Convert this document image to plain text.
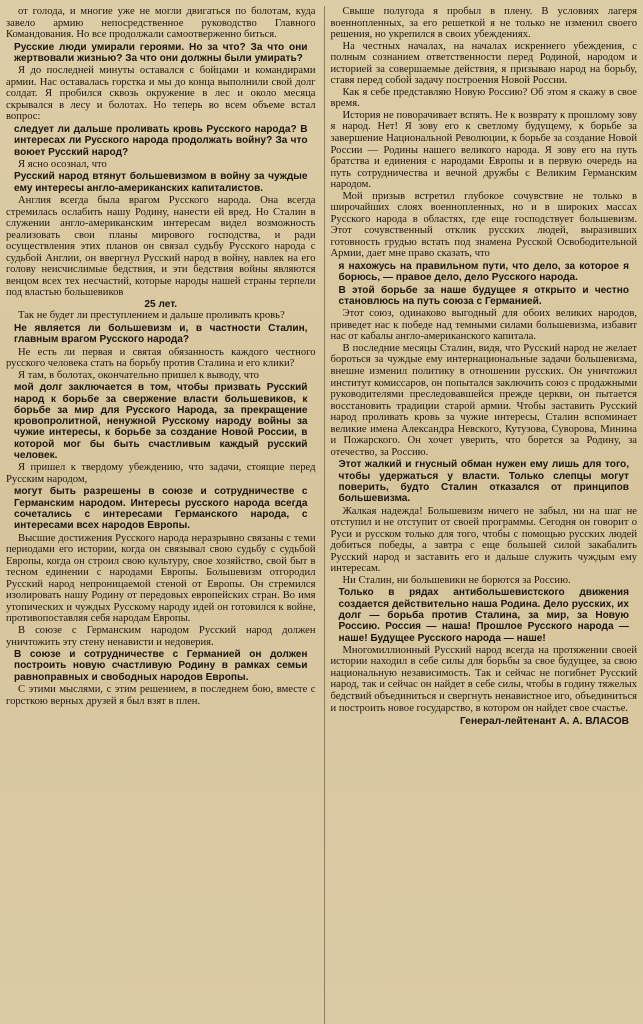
от голода, и многие уже не могли двигаться по болотам, куда завело армию непосредственное руководство Главного Командования. Но все продолжали самоотверженно биться.

Русские люди умирали героями. Но за что? За что они жертвовали жизнью? За что они должны были умирать?

Я до последней минуты оставался с бойцами и командирами армии. Нас оставалась горстка и мы до конца выполнили свой долг солдат. Я пробился сквозь окружение в лес и около месяца скрывался в лесу и болотах. Но теперь во всем объеме встал вопрос:

следует ли дальше проливать кровь Русского народа? В интересах ли Русского народа продолжать войну? За что воюет Русский народ?

Я ясно осознал, что

Русский народ втянут большевизмом в войну за чуждые ему интересы англо-американских капиталистов.

Англия всегда была врагом Русского народа. Она всегда стремилась ослабить нашу Родину, нанести ей вред. Но Сталин в служении англо-американским интересам видел возможность реализовать свои планы мирового господства, и ради осуществления этих планов он связал судьбу Русского народа с судьбой Англии, он ввергнул Русский народ в войну, навлек на его голову неисчислимые бедствия, и эти бедствия войны являются венцом всех тех несчастий, которые народы нашей страны терпели под властью большевиков

25 лет.

Так не будет ли преступлением и дальше проливать кровь?

Не является ли большевизм и, в частности Сталин, главным врагом Русского народа?

Не есть ли первая и святая обязанность каждого честного русского человека стать на борьбу против Сталина и его клики?

Я там, в болотах, окончательно пришел к выводу, что

мой долг заключается в том, чтобы призвать Русский народ к борьбе за свержение власти большевиков, к борьбе за мир для Русского Народа, за прекращение кровопролитной, ненужной Русскому народу войны за чужие интересы, к борьбе за создание Новой России, в которой мог бы быть счастливым каждый русский человек.

Я пришел к твердому убеждению, что задачи, стоящие перед Русским народом,

могут быть разрешены в союзе и сотрудничестве с Германским народом. Интересы русского народа всегда сочетались с интересами Германского народа, с интересами всех народов Европы.

Высшие достижения Русского народа неразрывно связаны с теми периодами его истории, когда он связывал свою судьбу с судьбой Европы, когда он строил свою культуру, свое хозяйство, свой быт в тесном единении с народами Европы. Большевизм отгородил Русский народ непроницаемой стеной от Европы. Он стремился изолировать нашу Родину от передовых европейских стран. Во имя утопических и чуждых Русскому народу идей он готовился к войне, противопоставляя себя народам Европы.

В союзе с Германским народом Русский народ должен уничтожить эту стену ненависти и недоверия.

В союзе и сотрудничестве с Германией он должен построить новую счастливую Родину в рамках семьи равноправных и свободных народов Европы.

С этими мыслями, с этим решением, в последнем бою, вместе с горсткою верных друзей я был взят в плен.

Свыше полугода я пробыл в плену. В условиях лагеря военнопленных, за его решеткой я не только не изменил своего решения, но укрепился в своих убеждениях.

На честных началах, на началах искреннего убеждения, с полным сознанием ответственности перед Родиной, народом и историей за совершаемые действия, я призываю народ на борьбу, ставя перед собой задачу построения Новой России.

Как я себе представляю Новую Россию? Об этом я скажу в свое время.

История не поворачивает вспять. Не к возврату к прошлому зову я народ. Нет! Я зову его к светлому будущему, к борьбе за завершение Национальной Революции, к борьбе за создание Новой России — Родины нашего великого народа. Я зову его на путь братства и единения с народами Европы и в первую очередь на путь сотрудничества и вечной дружбы с Великим Германским народом.

Мой призыв встретил глубокое сочувствие не только в широчайших слоях военнопленных, но и в широких массах Русского народа в областях, где еще господствует большевизм. Этот сочувственный отклик русских людей, выразивших готовность грудью встать под знамена Русской Освободительной Армии, дает мне право сказать, что

я нахожусь на правильном пути, что дело, за которое я борюсь, — правое дело, дело Русского народа.

В этой борьбе за наше будущее я открыто и честно становлюсь на путь союза с Германией.

Этот союз, одинаково выгодный для обоих великих народов, приведет нас к победе над темными силами большевизма, избавит нас от кабалы англо-американского капитала.

В последние месяцы Сталин, видя, что Русский народ не желает бороться за чуждые ему интернациональные задачи большевизма, внешне изменил политику в отношении русских. Он уничтожил институт комиссаров, он попытался заключить союз с продажными руководителями преследовавшейся прежде церкви, он пытается восстановить традиции старой армии. Чтобы заставить Русский народ проливать кровь за чужие интересы, Сталин вспоминает великие имена Александра Невского, Кутузова, Суворова, Минина и Пожарского. Он хочет уверить, что борется за Родину, за отечество, за Россию.

Этот жалкий и гнусный обман нужен ему лишь для того, чтобы удержаться у власти. Только слепцы могут поверить, будто Сталин отказался от принципов большевизма.

Жалкая надежда! Большевизм ничего не забыл, ни на шаг не отступил и не отступит от своей программы. Сегодня он говорит о Руси и русском только для того, чтобы с помощью русских людей добиться победы, а завтра с еще большей силой закабалить Русский народ и заставить его и дальше служить чуждым ему интересам.

Ни Сталин, ни большевики не борются за Россию.

Только в рядах антибольшевистского движения создается действительно наша Родина. Дело русских, их долг — борьба против Сталина, за мир, за Новую Россию. Россия — наша! Прошлое Русского народа — наше! Будущее Русского народа — наше!

Многомиллионный Русский народ всегда на протяжении своей истории находил в себе силы для борьбы за свое будущее, за свою национальную независимость. Так и сейчас не погибнет Русский народ, так и сейчас он найдет в себе силы, чтобы в годину тяжелых бедствий объединиться и свергнуть ненавистное иго, объединиться и построить новое государство, в котором он найдет свое счастье.

Генерал-лейтенант А. А. ВЛАСОВ
